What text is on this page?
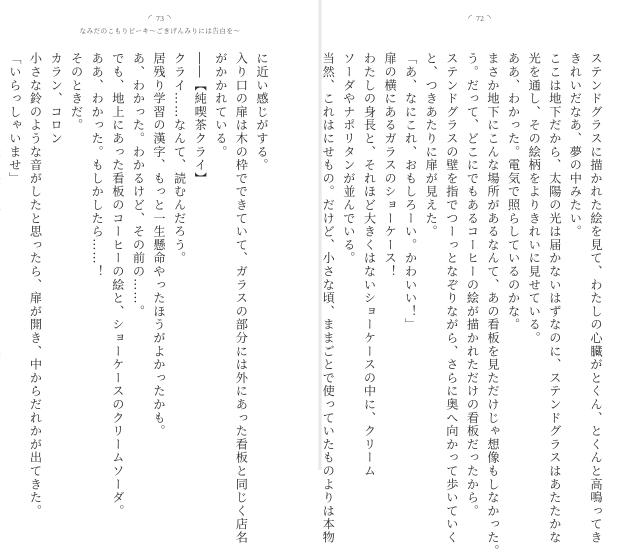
◜ 73 ◝
なみだのこもりピーキ〜ごきげんみりには告白を〜
に近い感じがする。
入り口の扉は木の枠でできていて、ガラスの部分には外にあった看板と同じく店名
がかかれている。
――【純喫茶クライ】
クライ……なんて、読むんだろう。
居残り学習の漢字、もっと一生懸命やったほうがよかったかも。
あ、わかった。わかるけど、その前の……。
でも、地上にあった看板のコーヒーの絵と、ショーケースのクリームソーダ。
ああ、わかった。もしかしたら……！
そのときだ。
カラン、コロン
小さな鈴のような音がしたと思ったら、扉が開き、中からだれかが出てきた。
「いらっしゃいませ」
◜ 72 ◝
ステンドグラスに描かれた絵を見て、わたしの心臓がとくん、とくんと高鳴ってき
きれいだなあ、夢の中みたい。
ここは地下だから、太陽の光は届かないはずなのに、ステンドグラスはあたたかな
光を通し、その絵柄をよりきれいに見せている。
ああ、わかった。電気で照らしているのかな。
まさか地下にこんな場所があるなんて、あの看板を見ただけじゃ想像もしなかった。
う。だって、どこにでもあるコーヒーの絵が描かれただけの看板だったから。
ステンドグラスの壁を指でつーっとなぞりながら、さらに奥へ向かって歩いていく
と、つきあたりに扉が見えた。
「あ、なにこれ、おもしろーい。かわいい！」
扉の横にあるガラスのショーケース！
わたしの身長と、それほど大きくはないショーケースの中に、クリーム
ソーダやナポリタンが並んでいる。
当然、これはにせもの。だけど、小さな頃、ままごとで使っていたものよりは本物
